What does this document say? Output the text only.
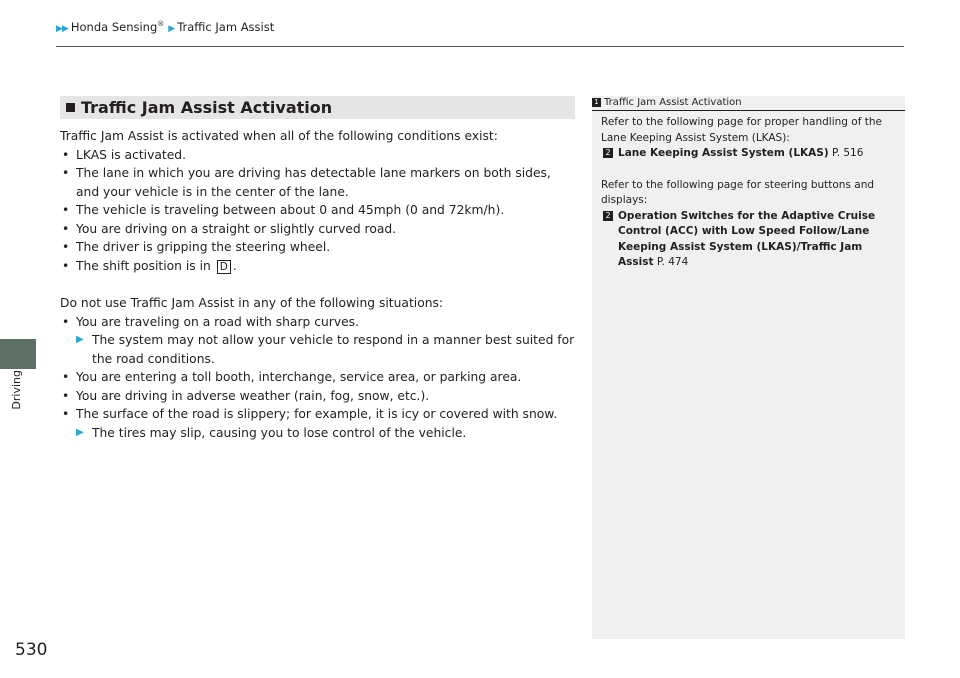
▶▶ Honda Sensing® ▶ Traffic Jam Assist
Driving
530
Traffic Jam Assist Activation
Traffic Jam Assist is activated when all of the following conditions exist:
• LKAS is activated.
• The lane in which you are driving has detectable lane markers on both sides, and your vehicle is in the center of the lane.
• The vehicle is traveling between about 0 and 45mph (0 and 72km/h).
• You are driving on a straight or slightly curved road.
• The driver is gripping the steering wheel.
• The shift position is in D .
Do not use Traffic Jam Assist in any of the following situations:
• You are traveling on a road with sharp curves.
▶ The system may not allow your vehicle to respond in a manner best suited for the road conditions.
• You are entering a toll booth, interchange, service area, or parking area.
• You are driving in adverse weather (rain, fog, snow, etc.).
• The surface of the road is slippery; for example, it is icy or covered with snow.
▶ The tires may slip, causing you to lose control of the vehicle.
1 Traffic Jam Assist Activation
Refer to the following page for proper handling of the Lane Keeping Assist System (LKAS):
2 Lane Keeping Assist System (LKAS) P. 516
Refer to the following page for steering buttons and displays:
2 Operation Switches for the Adaptive Cruise Control (ACC) with Low Speed Follow/Lane Keeping Assist System (LKAS)/Traffic Jam Assist P. 474
